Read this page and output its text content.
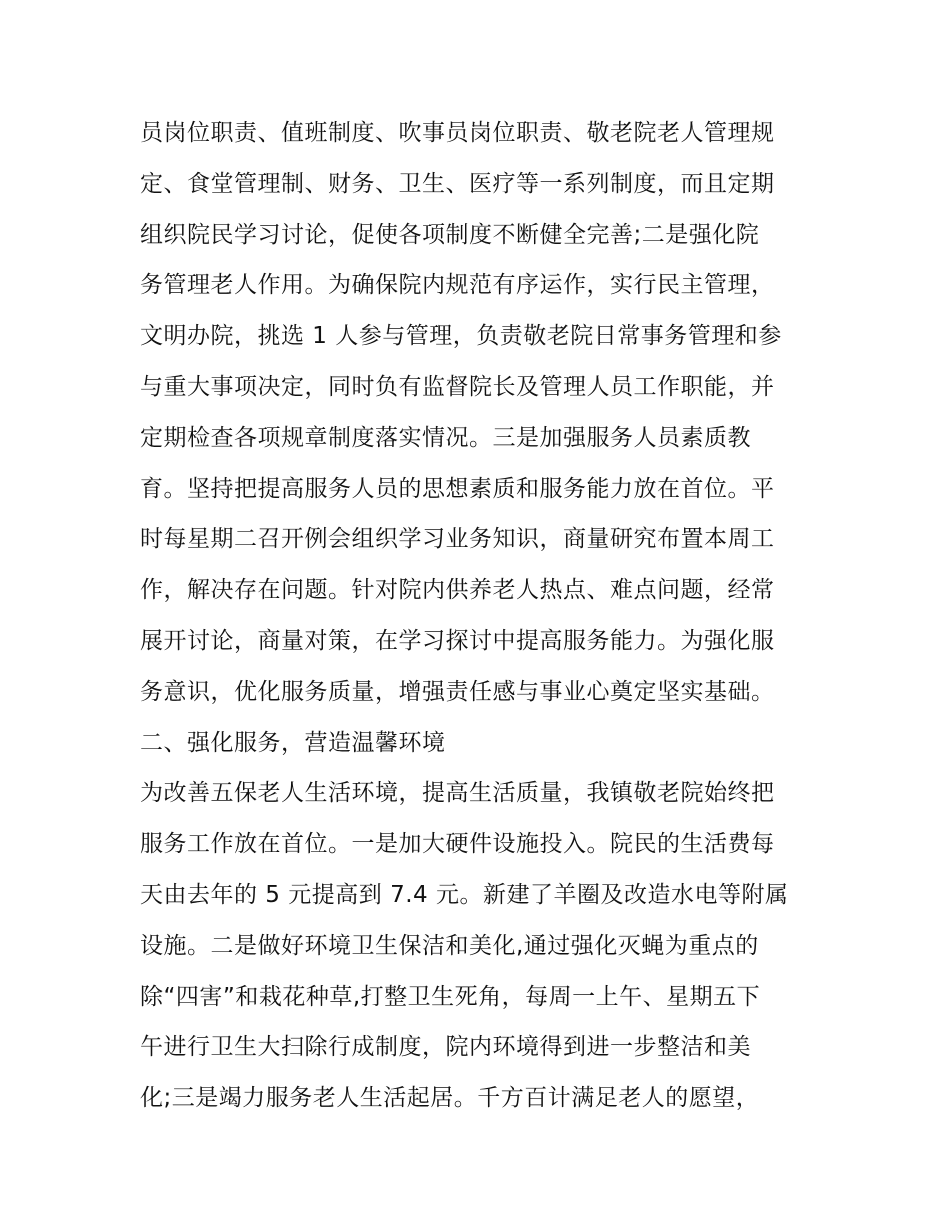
员岗位职责、值班制度、吹事员岗位职责、敬老院老人管理规
定、食堂管理制、财务、卫生、医疗等一系列制度，而且定期
组织院民学习讨论，促使各项制度不断健全完善;二是强化院
务管理老人作用。为确保院内规范有序运作，实行民主管理，
文明办院，挑选 1 人参与管理，负责敬老院日常事务管理和参
与重大事项决定，同时负有监督院长及管理人员工作职能，并
定期检查各项规章制度落实情况。三是加强服务人员素质教
育。坚持把提高服务人员的思想素质和服务能力放在首位。平
时每星期二召开例会组织学习业务知识，商量研究布置本周工
作，解决存在问题。针对院内供养老人热点、难点问题，经常
展开讨论，商量对策，在学习探讨中提高服务能力。为强化服
务意识，优化服务质量，增强责任感与事业心奠定坚实基础。
二、强化服务，营造温馨环境
为改善五保老人生活环境，提高生活质量，我镇敬老院始终把
服务工作放在首位。一是加大硬件设施投入。院民的生活费每
天由去年的 5 元提高到 7.4 元。新建了羊圈及改造水电等附属
设施。二是做好环境卫生保洁和美化,通过强化灭蝇为重点的
除“四害”和栽花种草,打整卫生死角，每周一上午、星期五下
午进行卫生大扫除行成制度，院内环境得到进一步整洁和美
化;三是竭力服务老人生活起居。千方百计满足老人的愿望，
